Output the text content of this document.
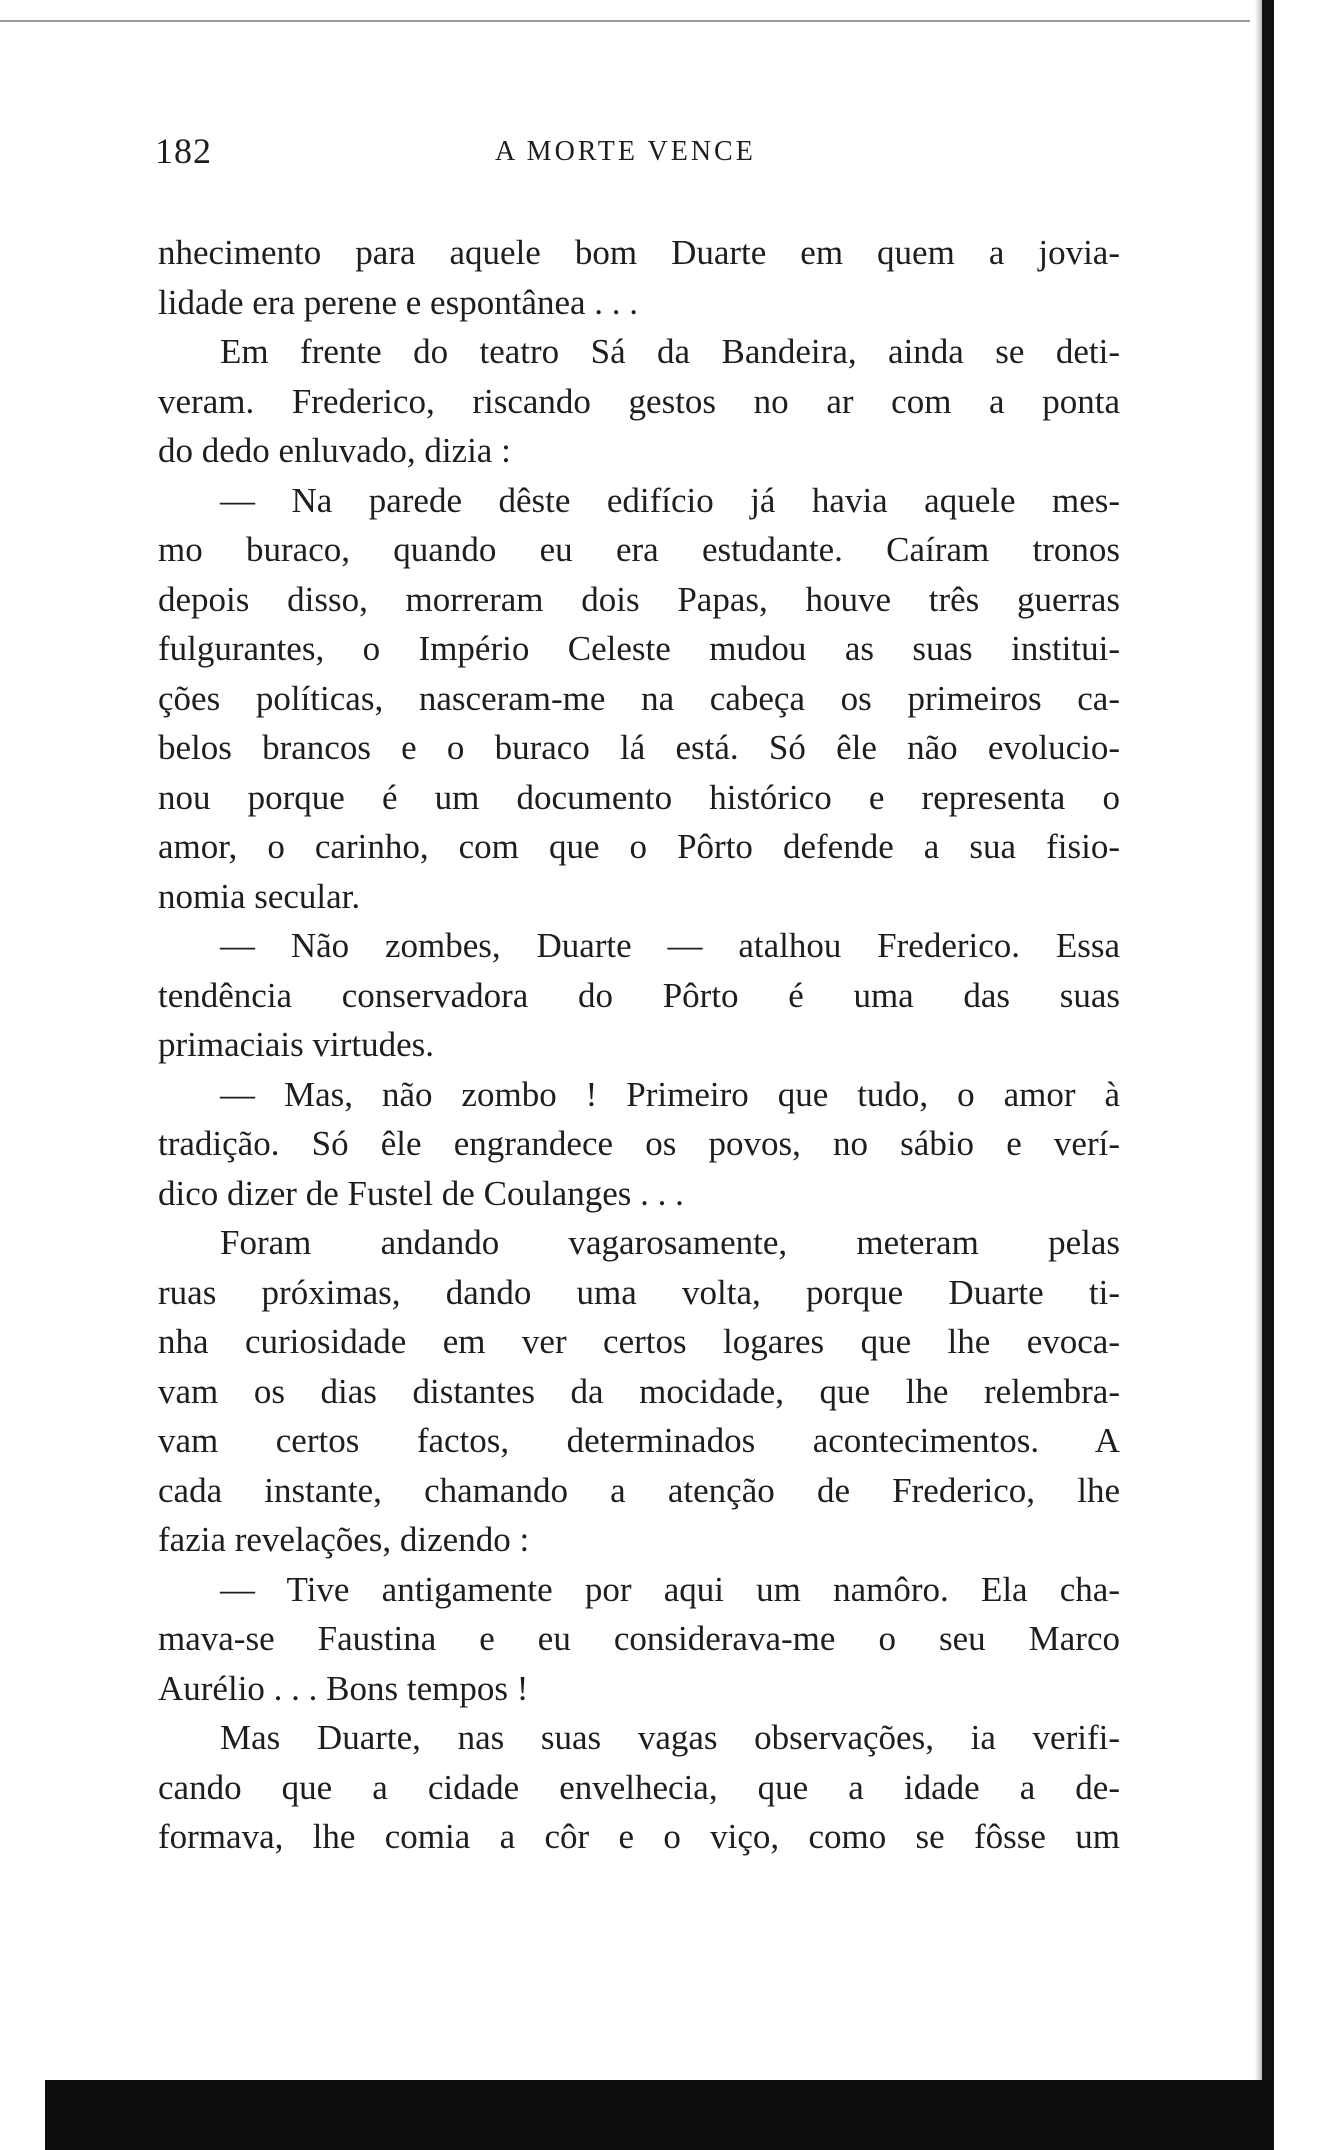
182	A MORTE VENCE
nhecimento para aquele bom Duarte em quem a jovia-
lidade era perene e espontânea . . .
Em frente do teatro Sá da Bandeira, ainda se deti-
veram. Frederico, riscando gestos no ar com a ponta
do dedo enluvado, dizia :
— Na parede dêste edifício já havia aquele mes-
mo buraco, quando eu era estudante. Caíram tronos
depois disso, morreram dois Papas, houve três guerras
fulgurantes, o Império Celeste mudou as suas institui-
ções políticas, nasceram-me na cabeça os primeiros ca-
belos brancos e o buraco lá está. Só êle não evolucio-
nou porque é um documento histórico e representa o
amor, o carinho, com que o Pôrto defende a sua fisio-
nomia secular.
— Não zombes, Duarte — atalhou Frederico. Essa
tendência conservadora do Pôrto é uma das suas
primaciais virtudes.
— Mas, não zombo ! Primeiro que tudo, o amor à
tradição. Só êle engrandece os povos, no sábio e verí-
dico dizer de Fustel de Coulanges . . .
Foram andando vagarosamente, meteram pelas
ruas próximas, dando uma volta, porque Duarte ti-
nha curiosidade em ver certos logares que lhe evoca-
vam os dias distantes da mocidade, que lhe relembra-
vam certos factos, determinados acontecimentos. A
cada instante, chamando a atenção de Frederico, lhe
fazia revelações, dizendo :
— Tive antigamente por aqui um namôro. Ela cha-
mava-se Faustina e eu considerava-me o seu Marco
Aurélio . . . Bons tempos !
Mas Duarte, nas suas vagas observações, ia verifi-
cando que a cidade envelhecia, que a idade a de-
formava, lhe comia a côr e o viço, como se fôsse um
